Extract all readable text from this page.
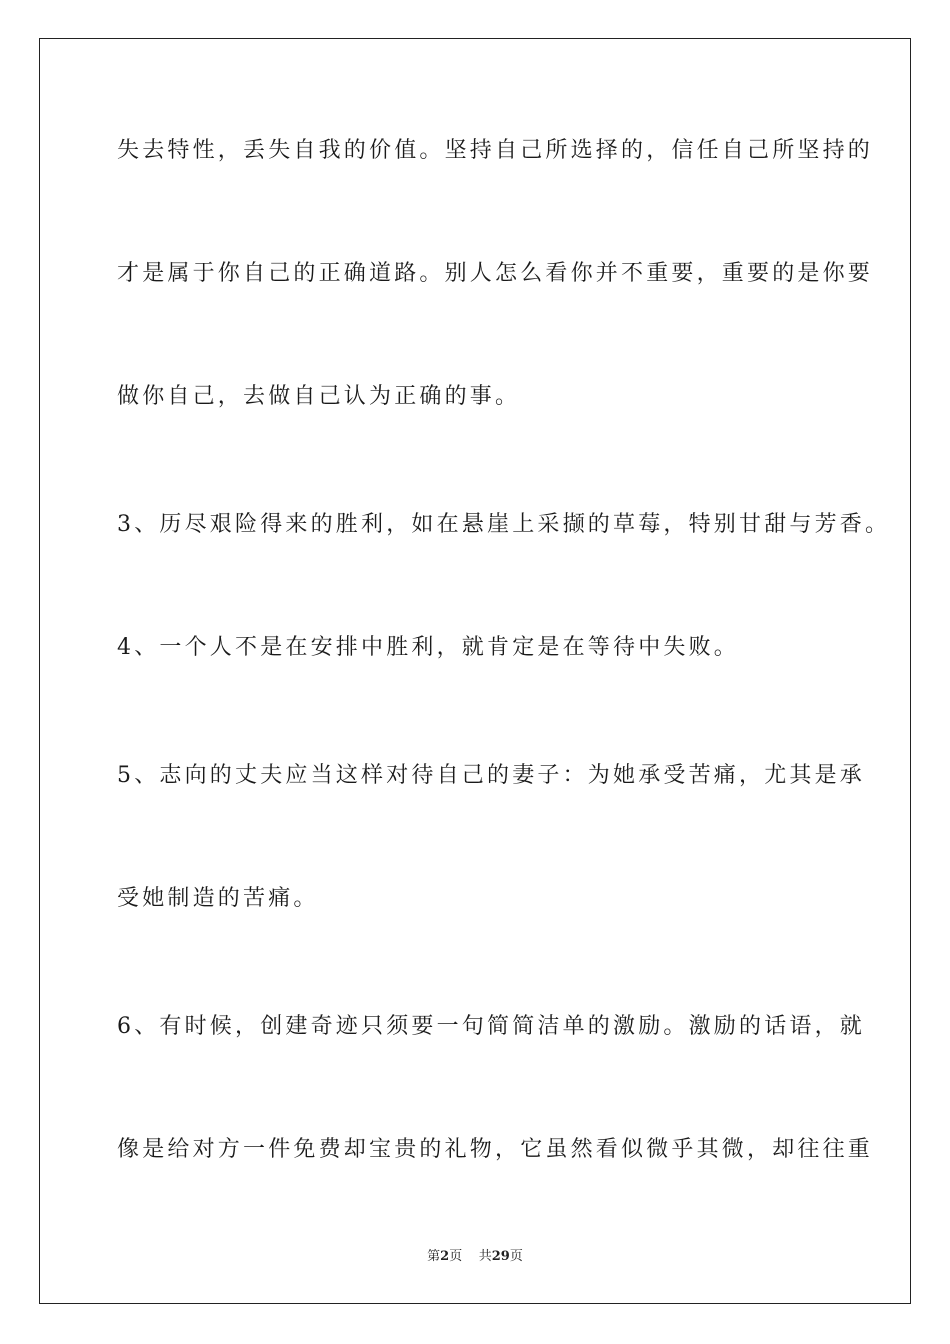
失去特性，丢失自我的价值。坚持自己所选择的，信任自己所坚持的
才是属于你自己的正确道路。别人怎么看你并不重要，重要的是你要
做你自己，去做自己认为正确的事。
3、历尽艰险得来的胜利，如在悬崖上采撷的草莓，特别甘甜与芳香。
4、一个人不是在安排中胜利，就肯定是在等待中失败。
5、志向的丈夫应当这样对待自己的妻子：为她承受苦痛，尤其是承
受她制造的苦痛。
6、有时候，创建奇迹只须要一句简简洁单的激励。激励的话语，就
像是给对方一件免费却宝贵的礼物，它虽然看似微乎其微，却往往重
第2页 共29页
